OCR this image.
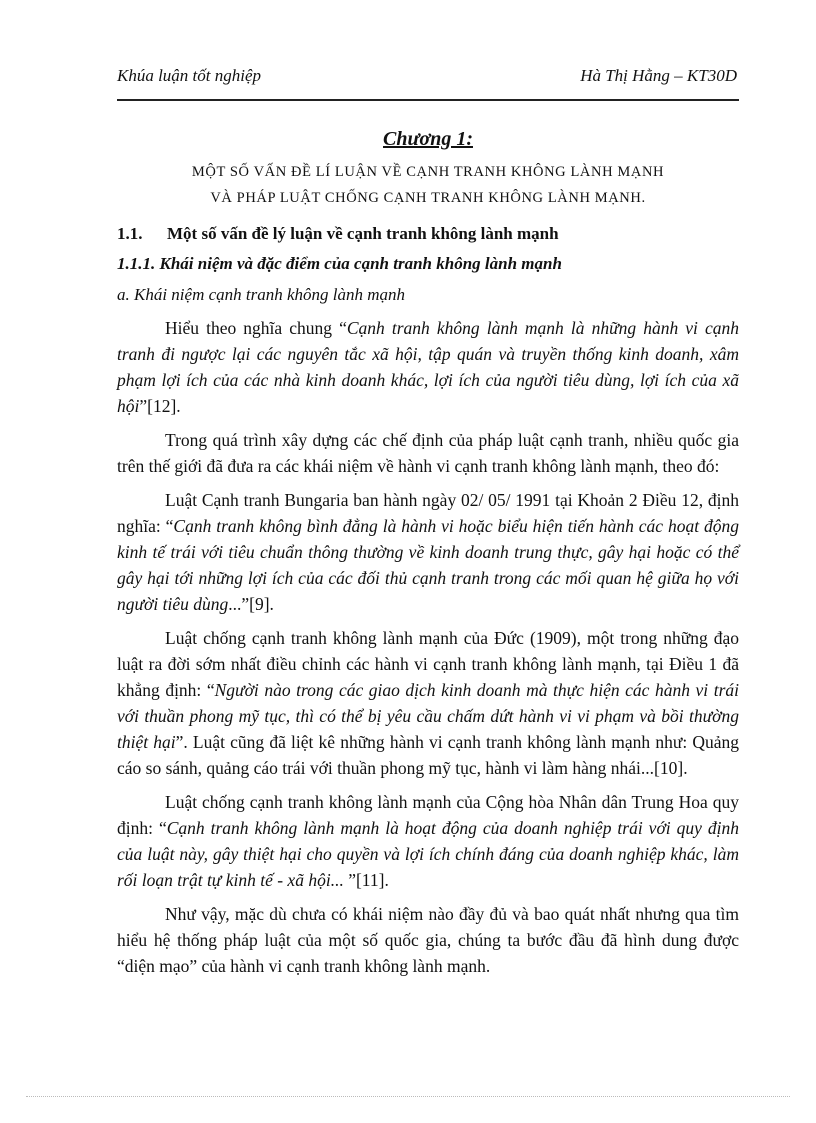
Khúa luận tốt nghiệp	Hà Thị Hằng – KT30D
Chương 1:
MỘT SỐ VẤN ĐỀ LÍ LUẬN VỀ CẠNH TRANH KHÔNG LÀNH MẠNH
VÀ PHÁP LUẬT CHỐNG CẠNH TRANH KHÔNG LÀNH MẠNH.
1.1. Một số vấn đề lý luận về cạnh tranh không lành mạnh
1.1.1. Khái niệm và đặc điểm của cạnh tranh không lành mạnh
a. Khái niệm cạnh tranh không lành mạnh

Hiểu theo nghĩa chung “Cạnh tranh không lành mạnh là những hành vi cạnh tranh đi ngược lại các nguyên tắc xã hội, tập quán và truyền thống kinh doanh, xâm phạm lợi ích của các nhà kinh doanh khác, lợi ích của người tiêu dùng, lợi ích của xã hội”[12].

Trong quá trình xây dựng các chế định của pháp luật cạnh tranh, nhiều quốc gia trên thế giới đã đưa ra các khái niệm về hành vi cạnh tranh không lành mạnh, theo đó:

Luật Cạnh tranh Bungaria ban hành ngày 02/ 05/ 1991 tại Khoản 2 Điều 12, định nghĩa: “Cạnh tranh không bình đẳng là hành vi hoặc biểu hiện tiến hành các hoạt động kinh tế trái với tiêu chuẩn thông thường về kinh doanh trung thực, gây hại hoặc có thể gây hại tới những lợi ích của các đối thủ cạnh tranh trong các mối quan hệ giữa họ với người tiêu dùng...”[9].

Luật chống cạnh tranh không lành mạnh của Đức (1909), một trong những đạo luật ra đời sớm nhất điều chỉnh các hành vi cạnh tranh không lành mạnh, tại Điều 1 đã khẳng định: “Người nào trong các giao dịch kinh doanh mà thực hiện các hành vi trái với thuần phong mỹ tục, thì có thể bị yêu cầu chấm dứt hành vi vi phạm và bồi thường thiệt hại”. Luật cũng đã liệt kê những hành vi cạnh tranh không lành mạnh như: Quảng cáo so sánh, quảng cáo trái với thuần phong mỹ tục, hành vi làm hàng nhái...[10].

Luật chống cạnh tranh không lành mạnh của Cộng hòa Nhân dân Trung Hoa quy định: “Cạnh tranh không lành mạnh là hoạt động của doanh nghiệp trái với quy định của luật này, gây thiệt hại cho quyền và lợi ích chính đáng của doanh nghiệp khác, làm rối loạn trật tự kinh tế - xã hội... ”[11].

Như vậy, mặc dù chưa có khái niệm nào đầy đủ và bao quát nhất nhưng qua tìm hiểu hệ thống pháp luật của một số quốc gia, chúng ta bước đầu đã hình dung được “diện mạo” của hành vi cạnh tranh không lành mạnh.
